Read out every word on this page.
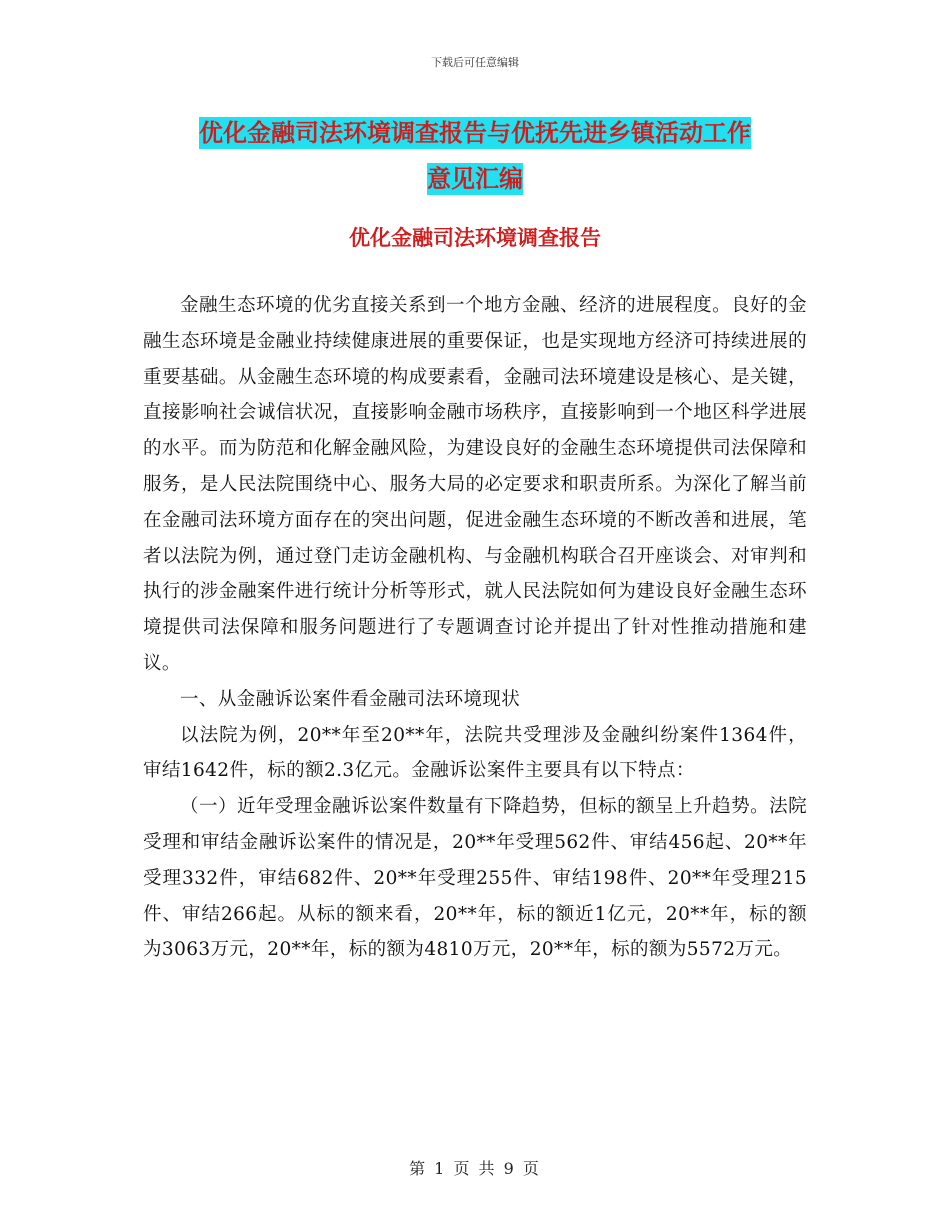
下载后可任意编辑
优化金融司法环境调查报告与优抚先进乡镇活动工作
意见汇编
优化金融司法环境调查报告

金融生态环境的优劣直接关系到一个地方金融、经济的进展程度。良好的金融生态环境是金融业持续健康进展的重要保证，也是实现地方经济可持续进展的重要基础。从金融生态环境的构成要素看，金融司法环境建设是核心、是关键，直接影响社会诚信状况，直接影响金融市场秩序，直接影响到一个地区科学进展的水平。而为防范和化解金融风险，为建设良好的金融生态环境提供司法保障和服务，是人民法院围绕中心、服务大局的必定要求和职责所系。为深化了解当前在金融司法环境方面存在的突出问题，促进金融生态环境的不断改善和进展，笔者以法院为例，通过登门走访金融机构、与金融机构联合召开座谈会、对审判和执行的涉金融案件进行统计分析等形式，就人民法院如何为建设良好金融生态环境提供司法保障和服务问题进行了专题调查讨论并提出了针对性推动措施和建议。

一、从金融诉讼案件看金融司法环境现状

以法院为例，20**年至20**年，法院共受理涉及金融纠纷案件1364件，审结1642件，标的额2.3亿元。金融诉讼案件主要具有以下特点：

（一）近年受理金融诉讼案件数量有下降趋势，但标的额呈上升趋势。法院受理和审结金融诉讼案件的情况是，20**年受理562件、审结456起、20**年受理332件，审结682件、20**年受理255件、审结198件、20**年受理215件、审结266起。从标的额来看，20**年，标的额近1亿元，20**年，标的额为3063万元，20**年，标的额为4810万元，20**年，标的额为5572万元。

第 1 页 共 9 页
